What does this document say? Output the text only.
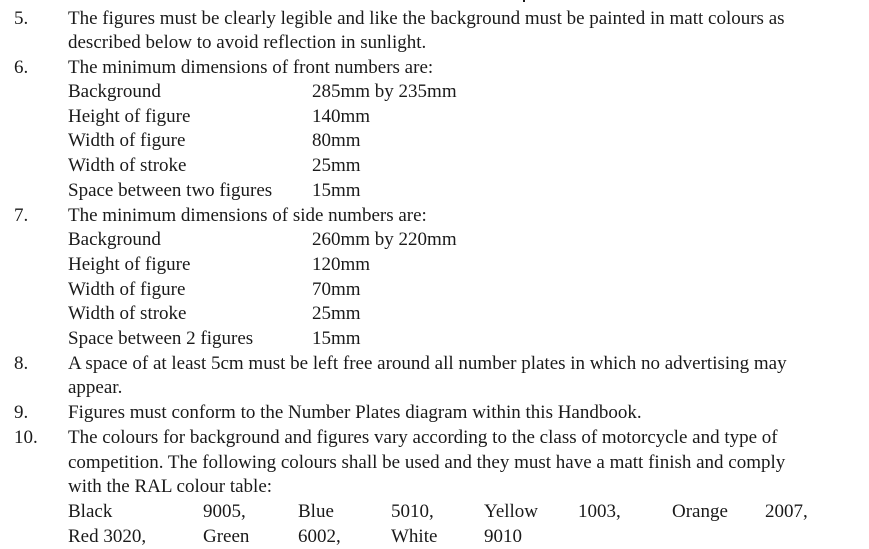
5. The figures must be clearly legible and like the background must be painted in matt colours as
described below to avoid reflection in sunlight.
6. The minimum dimensions of front numbers are:
Background	285mm by 235mm
Height of figure	140mm
Width of figure	80mm
Width of stroke	25mm
Space between two figures 15mm
7. The minimum dimensions of side numbers are:
Background	260mm by 220mm
Height of figure	120mm
Width of figure	70mm
Width of stroke	25mm
Space between 2 figures	15mm
8. A space of at least 5cm must be left free around all number plates in which no advertising may
appear.
9. Figures must conform to the Number Plates diagram within this Handbook.
10. The colours for background and figures vary according to the class of motorcycle and type of
competition. The following colours shall be used and they must have a matt finish and comply
with the RAL colour table:
Black	9005,	Blue	5010,	Yellow 1003,	Orange 2007,
Red 3020,	Green	6002,	White 9010
